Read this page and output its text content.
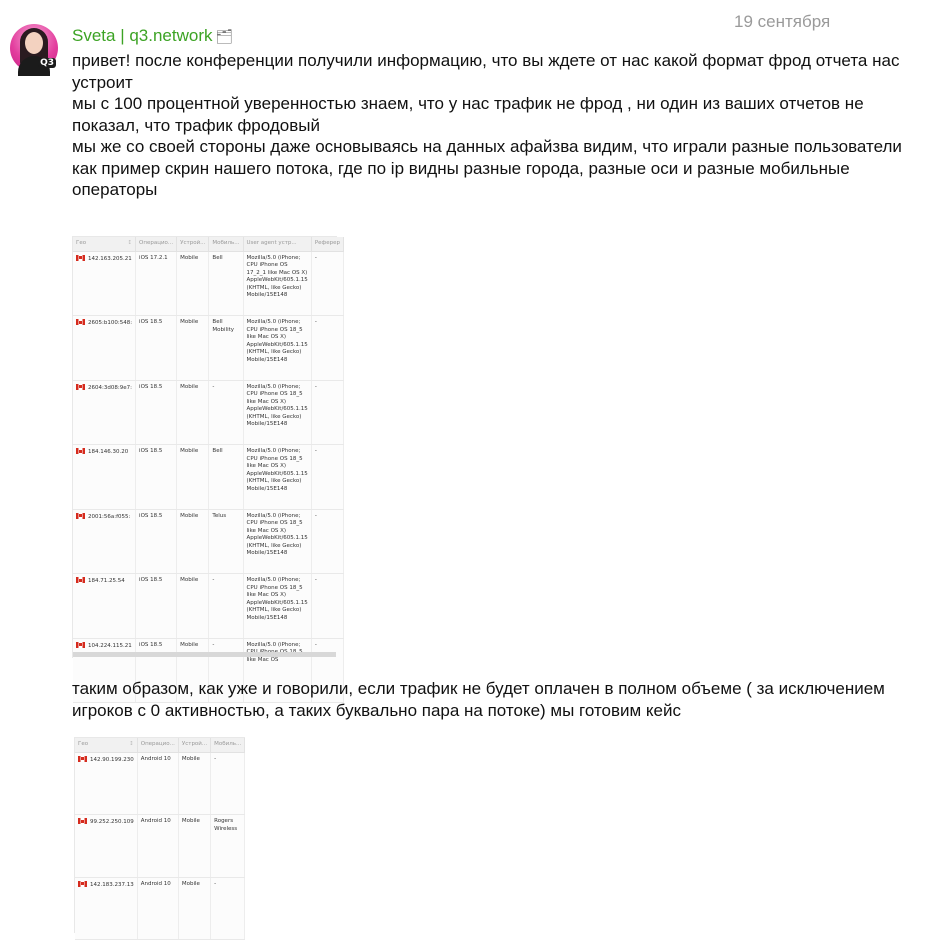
Q3
Sveta | q3.network 🗂
19 сентября

привет! после конференции получили информацию, что вы ждете от нас какой формат фрод отчета нас устроит

мы с 100 процентной уверенностью знаем, что у нас трафик не фрод , ни один из ваших отчетов не показал, что трафик фродовый

мы же со своей стороны даже основываясь на данных афайзва видим, что играли разные пользователи

как пример скрин нашего потока, где по ip видны разные города, разные оси и разные мобильные операторы

Гео ↕	Операцио...	Устрой...	Мобиль...	User agent устр...	Реферер
142.163.205.21	iOS 17.2.1	Mobile	Bell	Mozilla/5.0 (iPhone; CPU iPhone OS 17_2_1 like Mac OS X) AppleWebKit/605.1.15 (KHTML, like Gecko) Mobile/15E148	-
2605:b100:548:	iOS 18.5	Mobile	Bell Mobility	Mozilla/5.0 (iPhone; CPU iPhone OS 18_5 like Mac OS X) AppleWebKit/605.1.15 (KHTML, like Gecko) Mobile/15E148	-
2604:3d08:9e7:	iOS 18.5	Mobile	-	Mozilla/5.0 (iPhone; CPU iPhone OS 18_5 like Mac OS X) AppleWebKit/605.1.15 (KHTML, like Gecko) Mobile/15E148	-
184.146.30.20	iOS 18.5	Mobile	Bell	Mozilla/5.0 (iPhone; CPU iPhone OS 18_5 like Mac OS X) AppleWebKit/605.1.15 (KHTML, like Gecko) Mobile/15E148	-
2001:56a:f055:	iOS 18.5	Mobile	Telus	Mozilla/5.0 (iPhone; CPU iPhone OS 18_5 like Mac OS X) AppleWebKit/605.1.15 (KHTML, like Gecko) Mobile/15E148	-
184.71.25.54	iOS 18.5	Mobile	-	Mozilla/5.0 (iPhone; CPU iPhone OS 18_5 like Mac OS X) AppleWebKit/605.1.15 (KHTML, like Gecko) Mobile/15E148	-
104.224.115.21	iOS 18.5	Mobile	-	Mozilla/5.0 (iPhone; like Mac OS	-
таким образом, как уже и говорили, если трафик не будет оплачен в полном объеме ( за исключением игроков с 0 активностью, а таких буквально пара на потоке) мы готовим кейс
Гео ↕	Операцио...	Устрой...	Мобиль...
142.90.199.230	Android 10	Mobile	-
99.252.250.109	Android 10	Mobile	Rogers Wireless
142.183.237.13	Android 10	Mobile	-
